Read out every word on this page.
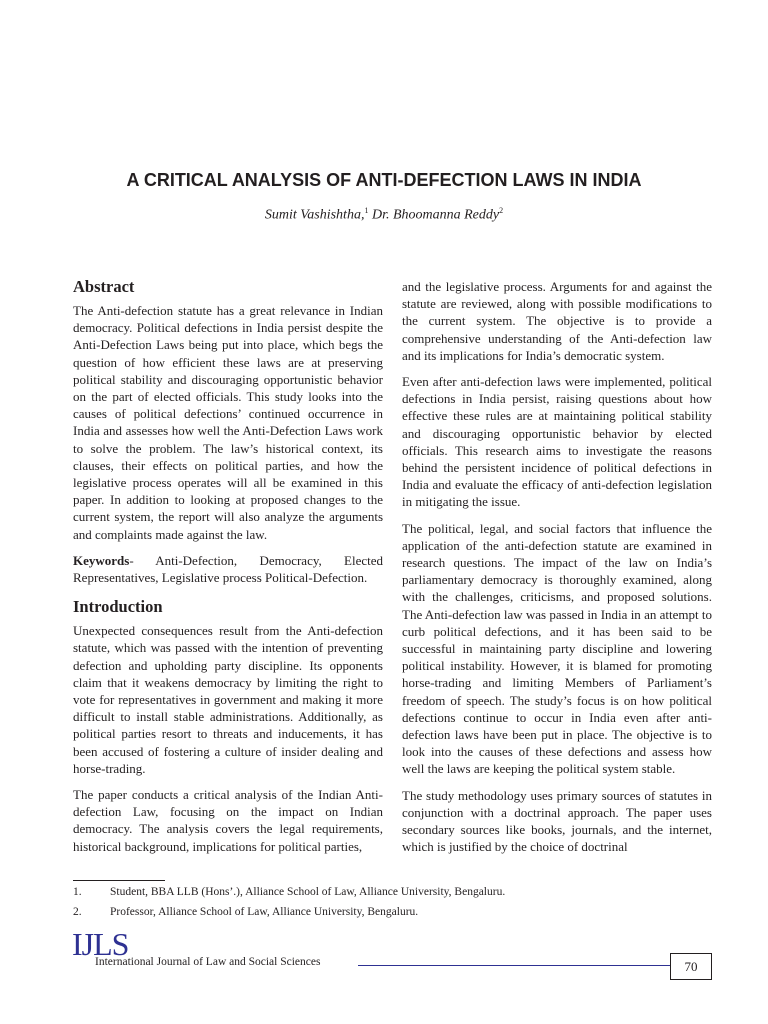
A CRITICAL ANALYSIS OF ANTI-DEFECTION LAWS IN INDIA
Sumit Vashishtha,$^1$ Dr. Bhoomanna Reddy$^2$
Abstract

The Anti-defection statute has a great relevance in Indian democracy. Political defections in India persist despite the Anti-Defection Laws being put into place, which begs the question of how efficient these laws are at preserving political stability and discouraging opportunistic behavior on the part of elected officials. This study looks into the causes of political defections’ continued occurrence in India and assesses how well the Anti-Defection Laws work to solve the problem. The law’s historical context, its clauses, their effects on political parties, and how the legislative process operates will all be examined in this paper. In addition to looking at proposed changes to the current system, the report will also analyze the arguments and complaints made against the law.

Keywords- Anti-Defection, Democracy, Elected Representatives, Legislative process Political-Defection.

Introduction

Unexpected consequences result from the Anti-defection statute, which was passed with the intention of preventing defection and upholding party discipline. Its opponents claim that it weakens democracy by limiting the right to vote for representatives in government and making it more difficult to install stable administrations. Additionally, as political parties resort to threats and inducements, it has been accused of fostering a culture of insider dealing and horse-trading.

The paper conducts a critical analysis of the Indian Anti-defection Law, focusing on the impact on Indian democracy. The analysis covers the legal requirements, historical background, implications for political parties,

and the legislative process. Arguments for and against the statute are reviewed, along with possible modifications to the current system. The objective is to provide a comprehensive understanding of the Anti-defection law and its implications for India’s democratic system.

Even after anti-defection laws were implemented, political defections in India persist, raising questions about how effective these rules are at maintaining political stability and discouraging opportunistic behavior by elected officials. This research aims to investigate the reasons behind the persistent incidence of political defections in India and evaluate the efficacy of anti-defection legislation in mitigating the issue.

The political, legal, and social factors that influence the application of the anti-defection statute are examined in research questions. The impact of the law on India’s parliamentary democracy is thoroughly examined, along with the challenges, criticisms, and proposed solutions. The Anti-defection law was passed in India in an attempt to curb political defections, and it has been said to be successful in maintaining party discipline and lowering political instability. However, it is blamed for promoting horse-trading and limiting Members of Parliament’s freedom of speech. The study’s focus is on how political defections continue to occur in India even after anti-defection laws have been put in place. The objective is to look into the causes of these defections and assess how well the laws are keeping the political system stable.

The study methodology uses primary sources of statutes in conjunction with a doctrinal approach. The paper uses secondary sources like books, journals, and the internet, which is justified by the choice of doctrinal

1.	Student, BBA LLB (Hons’.), Alliance School of Law, Alliance University, Bengaluru.
2.	Professor, Alliance School of Law, Alliance University, Bengaluru.
IJLS
International Journal of Law and Social Sciences	70
